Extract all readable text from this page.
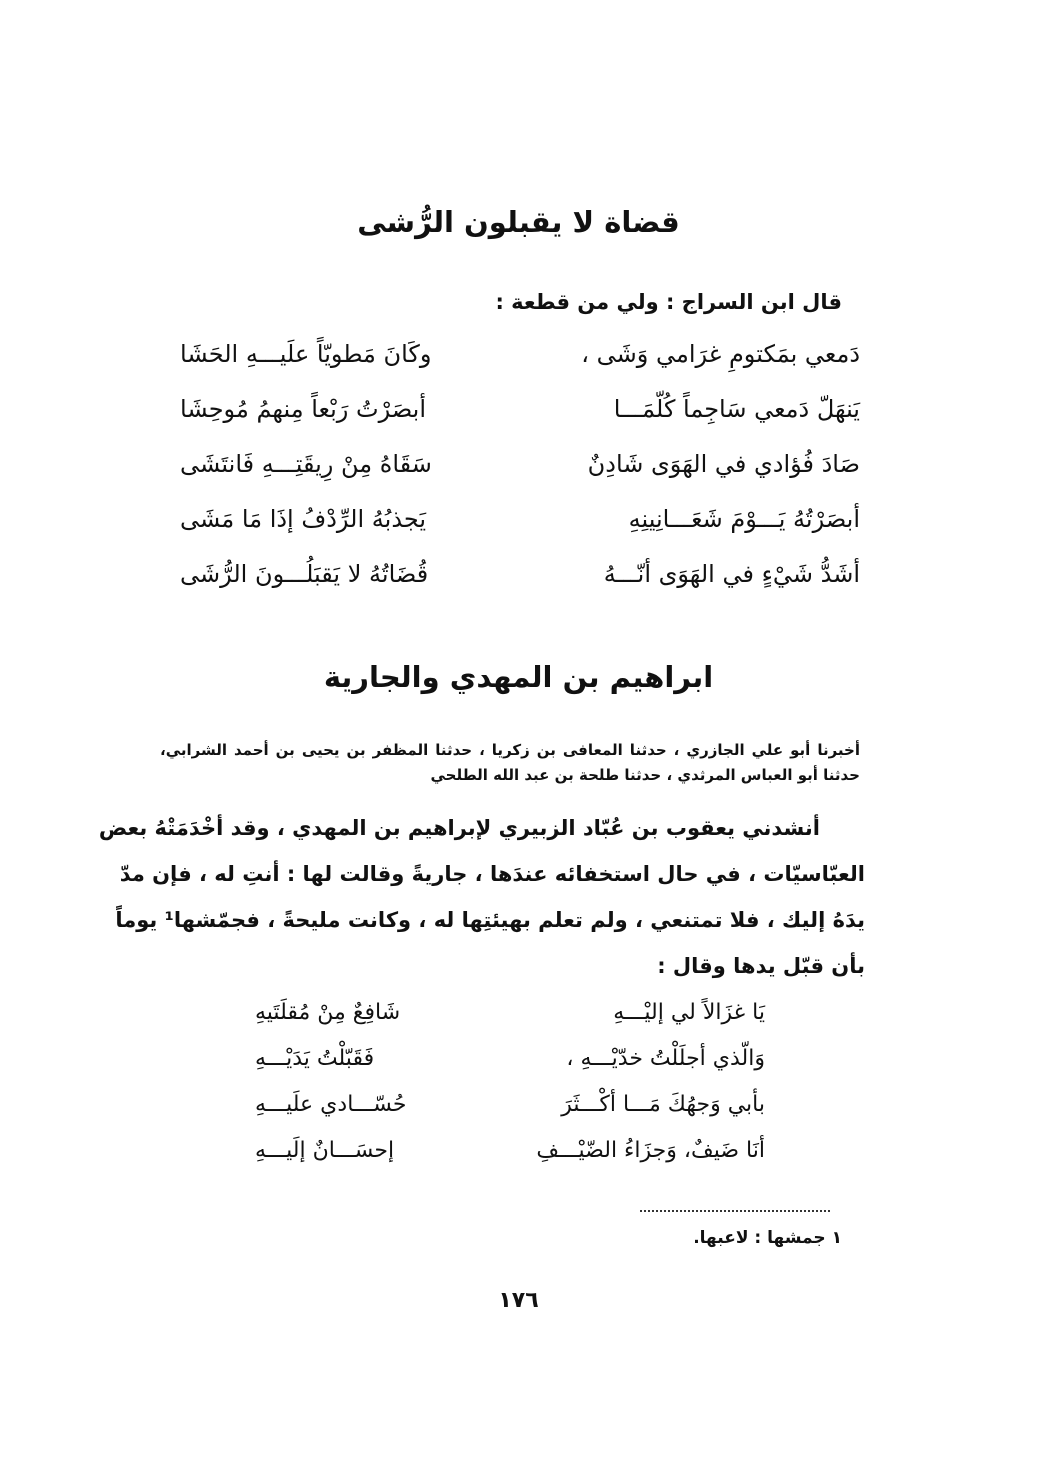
قضاة لا يقبلون الرُّشى
قال ابن السراج : ولي من قطعة :
دَمعي بمَكتومِ غرَامي وَشَى ،
وكَانَ مَطويّاً علَيـــهِ الحَشَا
يَنهَلّ دَمعي سَاجِماً كُلّمَـــا
أبصَرْتُ رَبْعاً مِنهمُ مُوحِشَا
صَادَ فُؤادي في الهَوَى شَادِنٌ
سَقَاهُ مِنْ رِيقَتِـــهِ فَانتَشَى
أبصَرْتُهُ يَـــوْمَ شَعَـــانِينِهِ
يَجذبُهُ الرِّدْفُ إذَا مَا مَشَى
أشَدُّ شَيْءٍ في الهَوَى أنّـــهُ
قُضَاتُهُ لا يَقبَلُـــونَ الرُّشَى
ابراهيم بن المهدي والجارية
أخبرنا أبو علي الجازري ، حدثنا المعافى بن زكريا ، حدثنا المظفر بن يحيى بن أحمد الشرابي،
حدثنا أبو العباس المرثدي ، حدثنا طلحة بن عبد الله الطلحي
أنشدني يعقوب بن عُبّاد الزبيري لإبراهيم بن المهدي ، وقد أخْدَمَتْهُ بعض
العبّاسيّات ، في حال استخفائه عندَها ، جاريةً وقالت لها : أنتِ له ، فإن مدّ
يدَهُ إليك ، فلا تمتنعي ، ولم تعلم بهيئتِها له ، وكانت مليحةً ، فجمّشها¹ يوماً
بأن قبّل يدها وقال :
يَا غزَالاً لي إليْـــهِ
شَافِعٌ مِنْ مُقلَتَيهِ
وَالّذي أجلَلْتُ خدّيْـــهِ ،
فَقَبّلْتُ يَدَيْـــهِ
بأبي وَجهُكَ مَـــا أكْـــثَرَ
حُسّـــادي علَيـــهِ
أنَا ضَيفٌ، وَجزَاءُ الضّيْـــفِ
إحسَـــانٌ إلَيـــهِ
١ جمشها : لاعبها.
١٧٦
